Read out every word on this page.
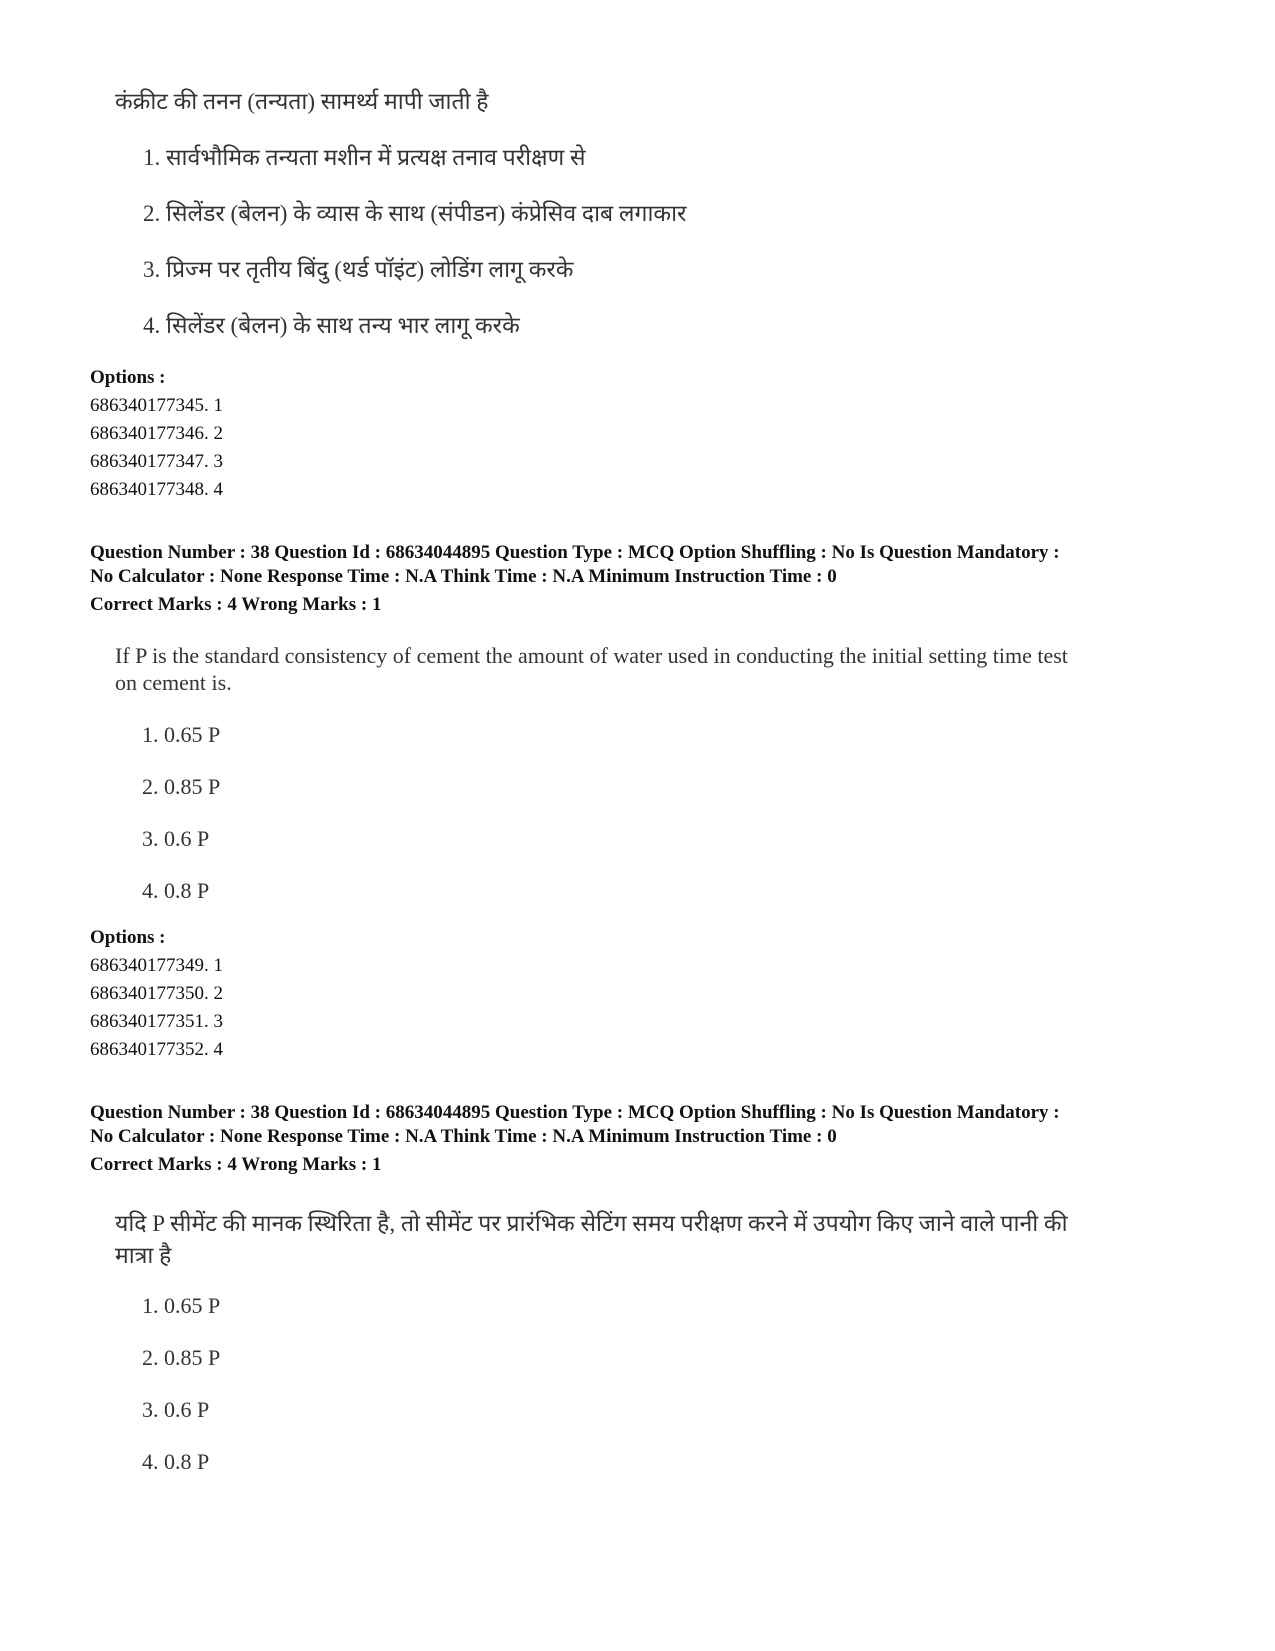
कंक्रीट की तनन (तन्यता) सामर्थ्य मापी जाती है
1. सार्वभौमिक तन्यता मशीन में प्रत्यक्ष तनाव परीक्षण से
2. सिलेंडर (बेलन) के व्यास के साथ (संपीडन) कंप्रेसिव दाब लगाकार
3. प्रिज्म पर तृतीय बिंदु (थर्ड पॉइंट) लोडिंग लागू करके
4. सिलेंडर (बेलन) के साथ तन्य भार लागू करके
Options :
686340177345. 1
686340177346. 2
686340177347. 3
686340177348. 4
Question Number : 38 Question Id : 68634044895 Question Type : MCQ Option Shuffling : No Is Question Mandatory :
No Calculator : None Response Time : N.A Think Time : N.A Minimum Instruction Time : 0
Correct Marks : 4 Wrong Marks : 1
If P is the standard consistency of cement the amount of water used in conducting the initial setting time test
on cement is.
1. 0.65 P
2. 0.85 P
3. 0.6 P
4. 0.8 P
Options :
686340177349. 1
686340177350. 2
686340177351. 3
686340177352. 4
Question Number : 38 Question Id : 68634044895 Question Type : MCQ Option Shuffling : No Is Question Mandatory :
No Calculator : None Response Time : N.A Think Time : N.A Minimum Instruction Time : 0
Correct Marks : 4 Wrong Marks : 1
यदि P सीमेंट की मानक स्थिरिता है, तो सीमेंट पर प्रारंभिक सेटिंग समय परीक्षण करने में उपयोग किए जाने वाले पानी की
मात्रा है
1. 0.65 P
2. 0.85 P
3. 0.6 P
4. 0.8 P
